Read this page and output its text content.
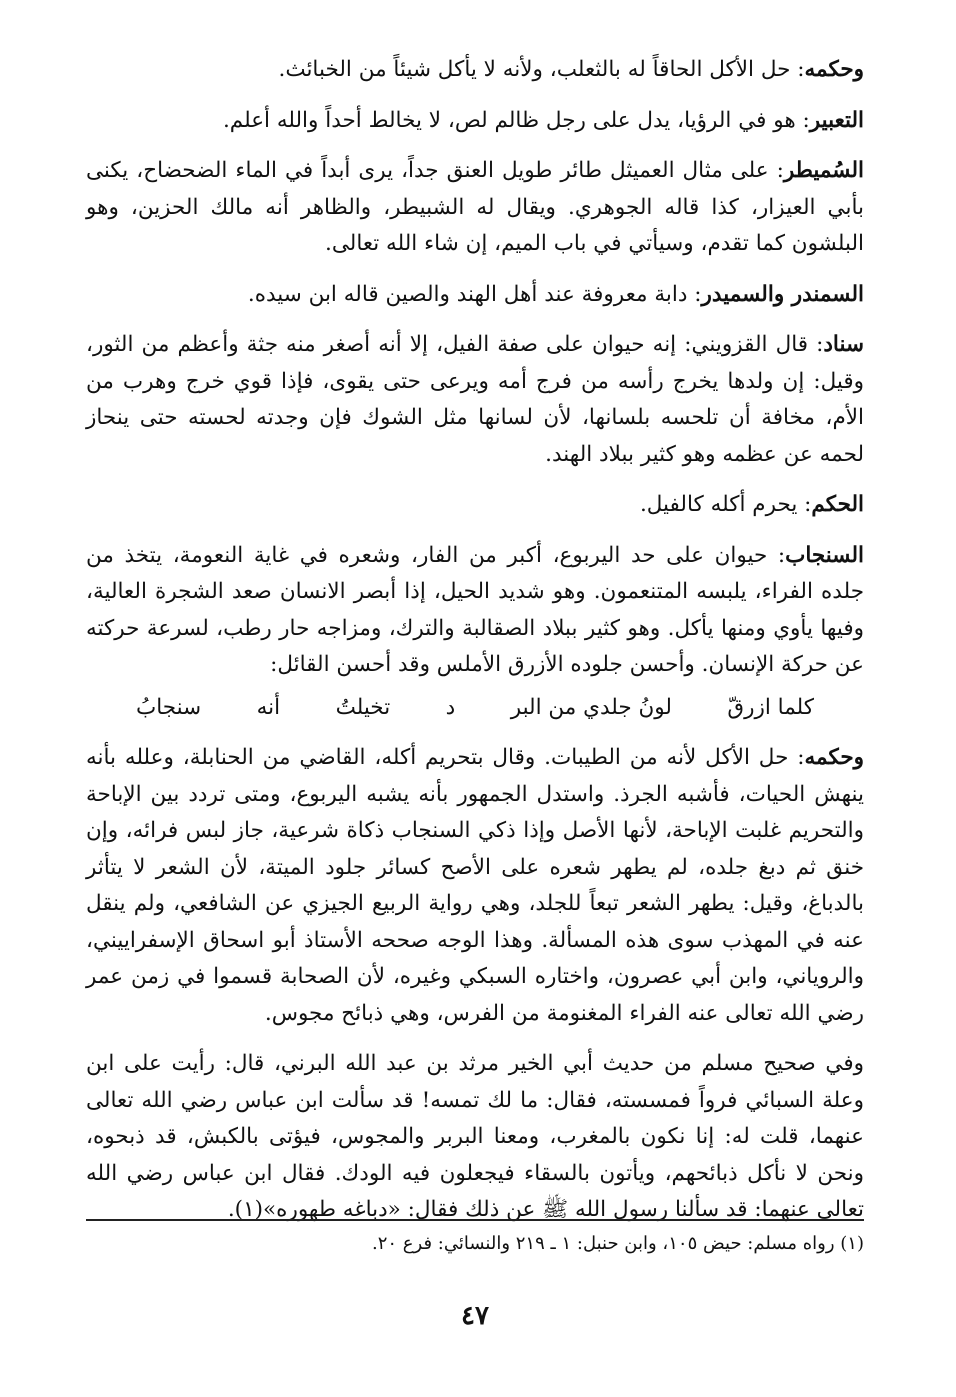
وحكمه: حل الأكل الحاقاً له بالثعلب، ولأنه لا يأكل شيئاً من الخبائث.

التعبير: هو في الرؤيا، يدل على رجل ظالم لص، لا يخالط أحداً والله أعلم.

السُميطر: على مثال العميثل طائر طويل العنق جداً، يرى أبداً في الماء الضحضاح، يكنى بأبي العيزار، كذا قاله الجوهري. ويقال له الشبيطر، والظاهر أنه مالك الحزين، وهو البلشون كما تقدم، وسيأتي في باب الميم، إن شاء الله تعالى.

السمندر والسميدر: دابة معروفة عند أهل الهند والصين قاله ابن سيده.

سناد: قال القزويني: إنه حيوان على صفة الفيل، إلا أنه أصغر منه جثة وأعظم من الثور، وقيل: إن ولدها يخرج رأسه من فرج أمه ويرعى حتى يقوى، فإذا قوي خرج وهرب من الأم، مخافة أن تلحسه بلسانها، لأن لسانها مثل الشوك فإن وجدته لحسته حتى ينحاز لحمه عن عظمه وهو كثير ببلاد الهند.

الحكم: يحرم أكله كالفيل.

السنجاب: حيوان على حد اليربوع، أكبر من الفار، وشعره في غاية النعومة، يتخذ من جلده الفراء، يلبسه المتنعمون. وهو شديد الحيل، إذا أبصر الانسان صعد الشجرة العالية، وفيها يأوي ومنها يأكل. وهو كثير ببلاد الصقالبة والترك، ومزاجه حار رطب، لسرعة حركته عن حركة الإنسان. وأحسن جلوده الأزرق الأملس وقد أحسن القائل:

كلما ازرقّ
لونُ جلدي من البر
د
تخيلتُ
أنه
سنجابُ

وحكمه: حل الأكل لأنه من الطيبات. وقال بتحريم أكله، القاضي من الحنابلة، وعلله بأنه ينهش الحيات، فأشبه الجرذ. واستدل الجمهور بأنه يشبه اليربوع، ومتى تردد بين الإباحة والتحريم غلبت الإباحة، لأنها الأصل وإذا ذكي السنجاب ذكاة شرعية، جاز لبس فرائه، وإن خنق ثم دبغ جلده، لم يطهر شعره على الأصح كسائر جلود الميتة، لأن الشعر لا يتأثر بالدباغ، وقيل: يطهر الشعر تبعاً للجلد، وهي رواية الربيع الجيزي عن الشافعي، ولم ينقل عنه في المهذب سوى هذه المسألة. وهذا الوجه صححه الأستاذ أبو اسحاق الإسفراييني، والروياني، وابن أبي عصرون، واختاره السبكي وغيره، لأن الصحابة قسموا في زمن عمر رضي الله تعالى عنه الفراء المغنومة من الفرس، وهي ذبائح مجوس.

وفي صحيح مسلم من حديث أبي الخير مرثد بن عبد الله البرني، قال: رأيت على ابن وعلة السبائي فرواً فمسسته، فقال: ما لك تمسه! قد سألت ابن عباس رضي الله تعالى عنهما، قلت له: إنا نكون بالمغرب، ومعنا البربر والمجوس، فيؤتى بالكبش، قد ذبحوه، ونحن لا نأكل ذبائحهم، ويأتون بالسقاء فيجعلون فيه الودك. فقال ابن عباس رضي الله تعالى عنهما: قد سألنا رسول الله ﷺ عن ذلك فقال: «دباغه طهوره»(١).

(١) رواه مسلم: حيض ١٠٥، وابن حنبل: ١ ـ ٢١٩ والنسائي: فرع ٢٠.
٤٧
